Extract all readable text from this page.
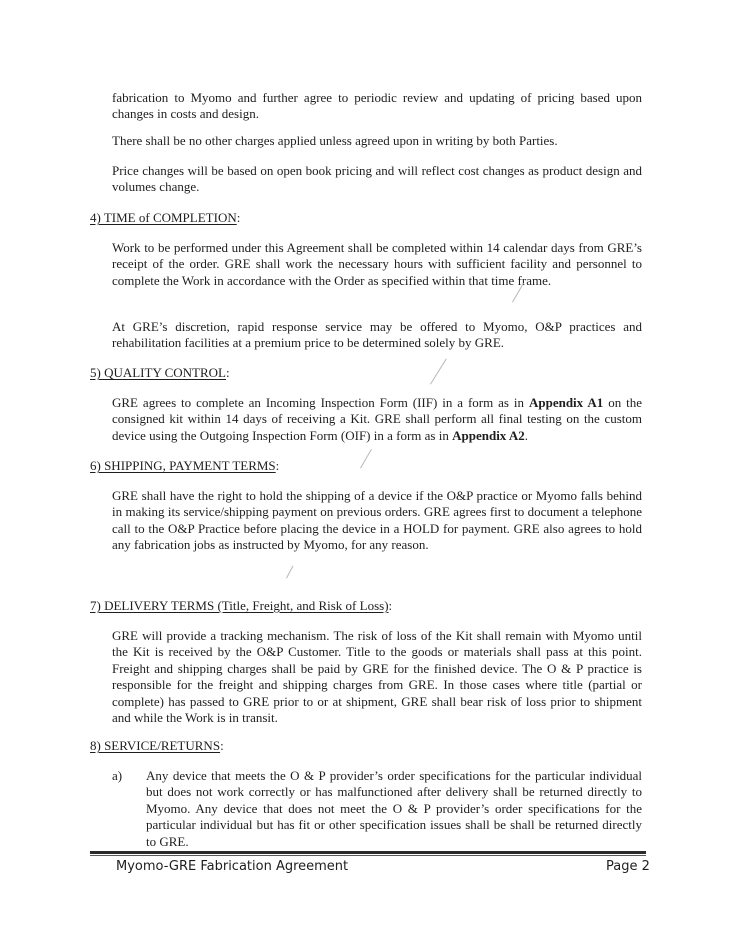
fabrication to Myomo and further agree to periodic review and updating of pricing based upon changes in costs and design.

There shall be no other charges applied unless agreed upon in writing by both Parties.

Price changes will be based on open book pricing and will reflect cost changes as product design and volumes change.

4) TIME of COMPLETION:

Work to be performed under this Agreement shall be completed within 14 calendar days from GRE’s receipt of the order. GRE shall work the necessary hours with sufficient facility and personnel to complete the Work in accordance with the Order as specified within that time frame.

At GRE’s discretion, rapid response service may be offered to Myomo, O&P practices and rehabilitation facilities at a premium price to be determined solely by GRE.

5) QUALITY CONTROL:

GRE agrees to complete an Incoming Inspection Form (IIF) in a form as in Appendix A1 on the consigned kit within 14 days of receiving a Kit. GRE shall perform all final testing on the custom device using the Outgoing Inspection Form (OIF) in a form as in Appendix A2.

6) SHIPPING, PAYMENT TERMS:

GRE shall have the right to hold the shipping of a device if the O&P practice or Myomo falls behind in making its service/shipping payment on previous orders. GRE agrees first to document a telephone call to the O&P Practice before placing the device in a HOLD for payment. GRE also agrees to hold any fabrication jobs as instructed by Myomo, for any reason.

7) DELIVERY TERMS (Title, Freight, and Risk of Loss):

GRE will provide a tracking mechanism. The risk of loss of the Kit shall remain with Myomo until the Kit is received by the O&P Customer. Title to the goods or materials shall pass at this point. Freight and shipping charges shall be paid by GRE for the finished device. The O & P practice is responsible for the freight and shipping charges from GRE. In those cases where title (partial or complete) has passed to GRE prior to or at shipment, GRE shall bear risk of loss prior to shipment and while the Work is in transit.

8) SERVICE/RETURNS:

a) Any device that meets the O & P provider’s order specifications for the particular individual but does not work correctly or has malfunctioned after delivery shall be returned directly to Myomo. Any device that does not meet the O & P provider’s order specifications for the particular individual but has fit or other specification issues shall be shall be returned directly to GRE.

Myomo-GRE Fabrication Agreement	Page 2
